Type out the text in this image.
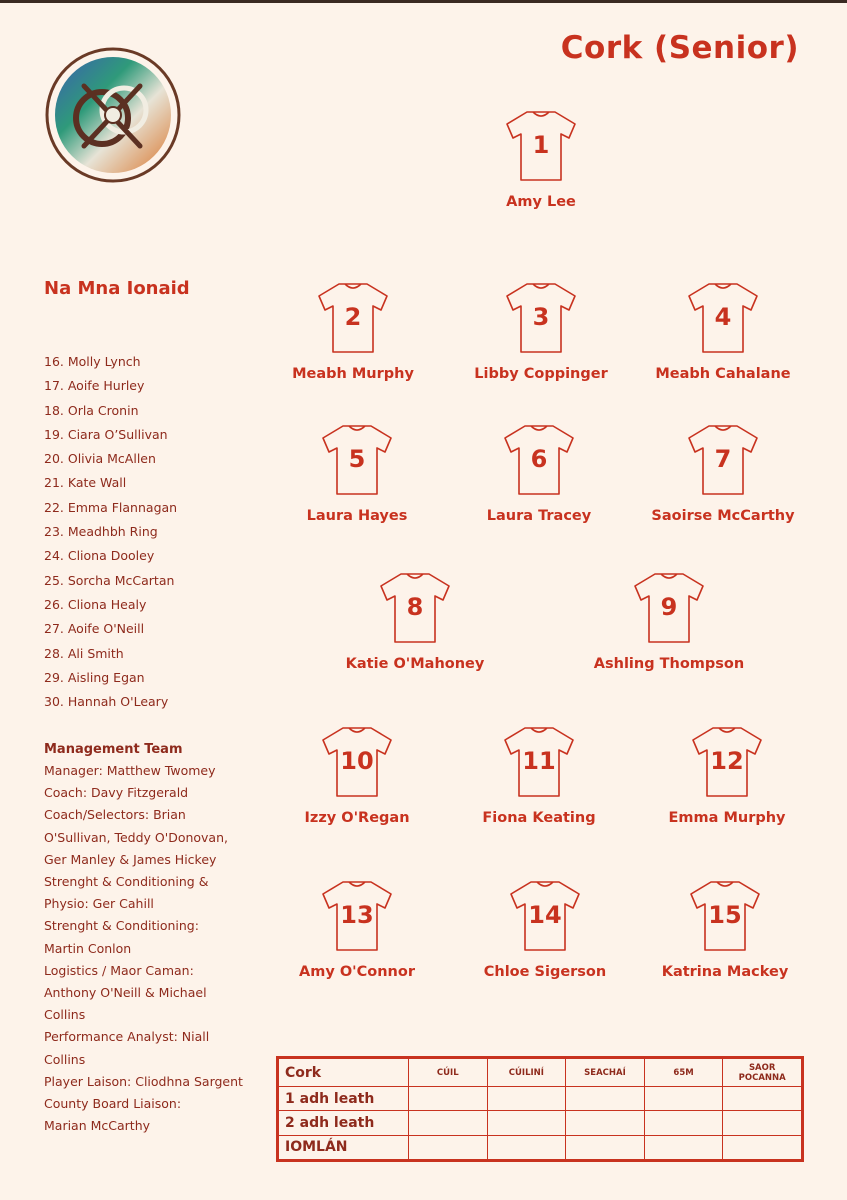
Cork (Senior)
Na Mna Ionaid
16. Molly Lynch
17. Aoife Hurley
18. Orla Cronin
19. Ciara O’Sullivan
20. Olivia McAllen
21. Kate Wall
22. Emma Flannagan
23. Meadhbh Ring
24. Cliona Dooley
25. Sorcha McCartan
26. Cliona Healy
27. Aoife O'Neill
28. Ali Smith
29. Aisling Egan
30. Hannah O'Leary
Management Team
Manager: Matthew Twomey
Coach: Davy Fitzgerald
Coach/Selectors: Brian
O'Sullivan, Teddy O'Donovan,
Ger Manley & James Hickey
Strenght & Conditioning &
Physio: Ger Cahill
Strenght & Conditioning:
Martin Conlon
Logistics / Maor Caman:
Anthony O'Neill & Michael
Collins
Performance Analyst: Niall
Collins
Player Laison: Cliodhna Sargent
County Board Liaison:
Marian McCarthy
1
Amy Lee
2
Meabh Murphy
3
Libby Coppinger
4
Meabh Cahalane
5
Laura Hayes
6
Laura Tracey
7
Saoirse McCarthy
8
Katie O'Mahoney
9
Ashling Thompson
10
Izzy O'Regan
11
Fiona Keating
12
Emma Murphy
13
Amy O'Connor
14
Chloe Sigerson
15
Katrina Mackey
Cork	CÚIL	CÚILINÍ	SEACHAÍ	65M	SAOR POCANNA
1 adh leath					
2 adh leath					
IOMLÁN					
